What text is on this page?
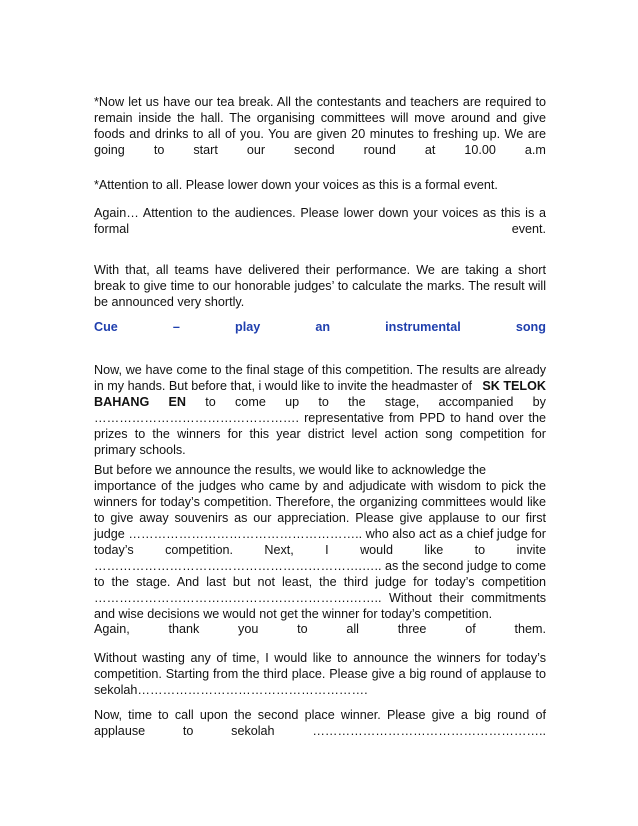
*Now let us have our tea break. All the contestants and teachers are required to
remain inside the hall. The organising committees will move around and give
foods and drinks to all of you. You are given 20 minutes to freshing up. We are
going to start our second round at 10.00 a.m
*Attention to all. Please lower down your voices as this is a formal event.
Again… Attention to the audiences. Please lower down your voices as this is a
formal	event.
With that, all teams have delivered their performance. We are taking a short
break to give time to our honorable judges’ to calculate the marks. The result will
be announced very shortly.
Cue	–	play	an	instrumental	song
Now, we have come to the final stage of this competition. The results are already
in my hands. But before that, i would like to invite the headmaster of SK TELOK
BAHANG EN to come up to the stage, accompanied by
…………………………………………. representative from PPD to hand over the
prizes to the winners for this year district level action song competition for
primary schools.
But before we announce the results, we would like to acknowledge the
importance of the judges who came by and adjudicate with wisdom to pick the
winners for today’s competition. Therefore, the organizing committees would like
to give away souvenirs as our appreciation. Please give applause to our first
judge ……………………………………………….. who also act as a chief judge for
today’s competition. Next, I would like to invite
……………………………………………………….….. as the second judge to come
to the stage. And last but not least, the third judge for today’s competition
…………………………………………………….…….. Without their commitments
and wise decisions we would not get the winner for today’s competition.
Again,	thank	you	to	all	three	of	them.
Without wasting any of time, I would like to announce the winners for today’s
competition. Starting from the third place. Please give a big round of applause to
sekolah……………………………………………….
Now, time to call upon the second place winner. Please give a big round of
applause	to	sekolah	………………………………………………..
